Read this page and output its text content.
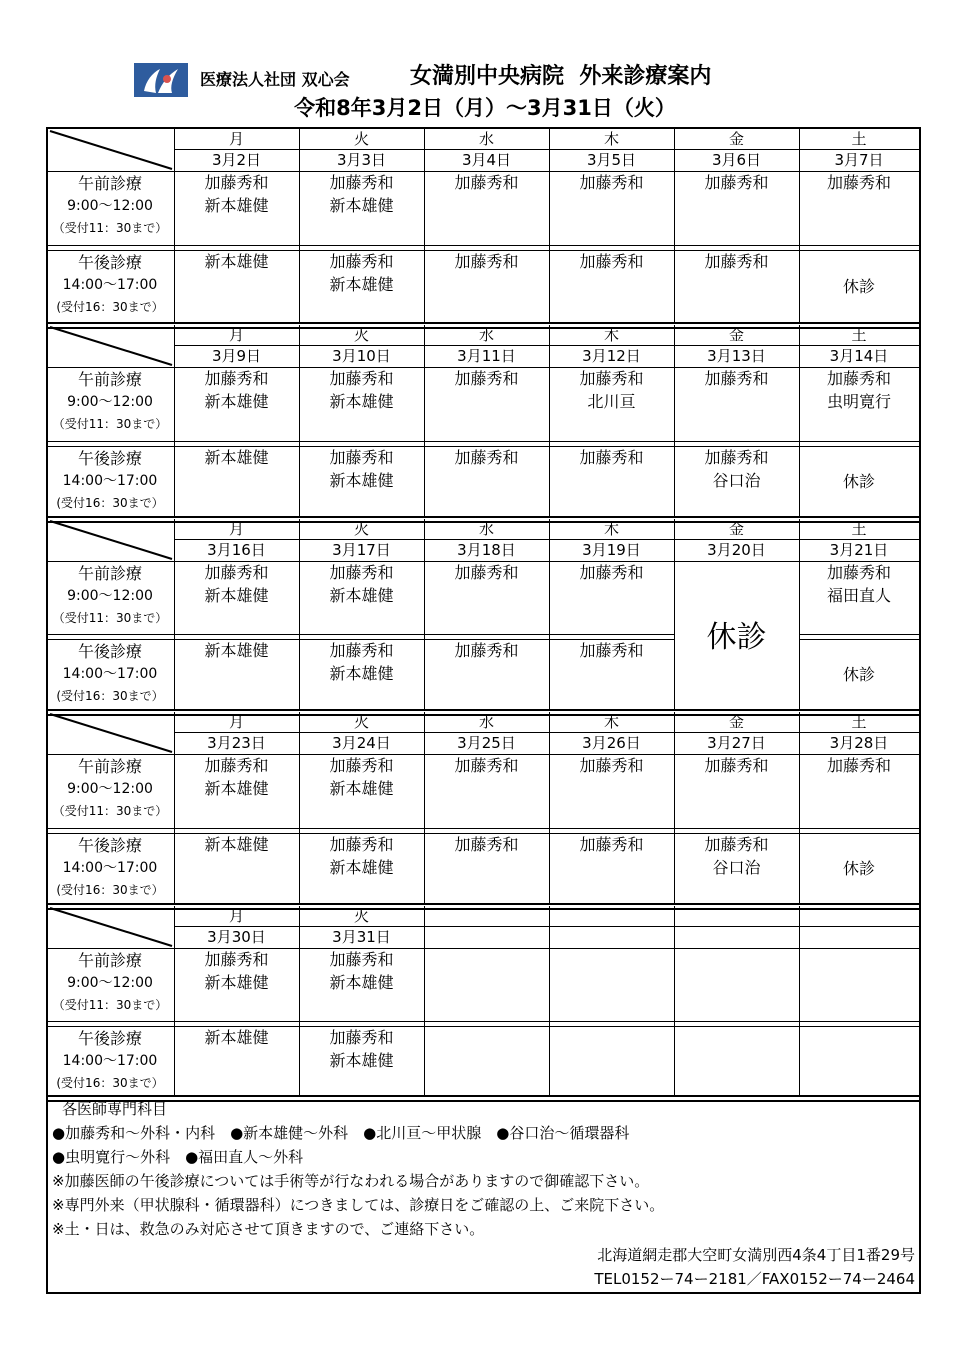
医療法人社団 双心会	女満別中央病院 外来診療案内
令和8年3月2日（月）〜3月31日（火）
午前診療
9:00〜12:00
（受付11：30まで）
午後診療
14:00〜17:00
(受付16：30まで）
月
3月2日
加藤秀和
新本雄健
新本雄健
火
3月3日
加藤秀和
新本雄健
加藤秀和
新本雄健
水
3月4日
加藤秀和
加藤秀和
木
3月5日
加藤秀和
加藤秀和
金
3月6日
加藤秀和
加藤秀和
土
3月7日
加藤秀和
休診
午前診療
9:00〜12:00
（受付11：30まで）
午後診療
14:00〜17:00
(受付16：30まで）
月
3月9日
加藤秀和
新本雄健
新本雄健
火
3月10日
加藤秀和
新本雄健
加藤秀和
新本雄健
水
3月11日
加藤秀和
加藤秀和
木
3月12日
加藤秀和
北川亘
加藤秀和
金
3月13日
加藤秀和
加藤秀和
谷口治
土
3月14日
加藤秀和
虫明寛行
休診
午前診療
9:00〜12:00
（受付11：30まで）
午後診療
14:00〜17:00
(受付16：30まで）
月
3月16日
加藤秀和
新本雄健
新本雄健
火
3月17日
加藤秀和
新本雄健
加藤秀和
新本雄健
水
3月18日
加藤秀和
加藤秀和
木
3月19日
加藤秀和
加藤秀和
金
3月20日
休診
土
3月21日
加藤秀和
福田直人
休診
午前診療
9:00〜12:00
（受付11：30まで）
午後診療
14:00〜17:00
(受付16：30まで）
月
3月23日
加藤秀和
新本雄健
新本雄健
火
3月24日
加藤秀和
新本雄健
加藤秀和
新本雄健
水
3月25日
加藤秀和
加藤秀和
木
3月26日
加藤秀和
加藤秀和
金
3月27日
加藤秀和
加藤秀和
谷口治
土
3月28日
加藤秀和
休診
午前診療
9:00〜12:00
（受付11：30まで）
午後診療
14:00〜17:00
(受付16：30まで）
月
3月30日
加藤秀和
新本雄健
新本雄健
火
3月31日
加藤秀和
新本雄健
加藤秀和
新本雄健
各医師専門科目
●加藤秀和〜外科・内科　●新本雄健〜外科　●北川亘〜甲状腺　●谷口治〜循環器科
●虫明寛行〜外科　●福田直人〜外科
※加藤医師の午後診療については手術等が行なわれる場合がありますので御確認下さい。
※専門外来（甲状腺科・循環器科）につきましては、診療日をご確認の上、ご来院下さい。
※土・日は、救急のみ対応させて頂きますので、ご連絡下さい。
北海道網走郡大空町女満別西4条4丁目1番29号
TEL0152ー74ー2181／FAX0152ー74ー2464
